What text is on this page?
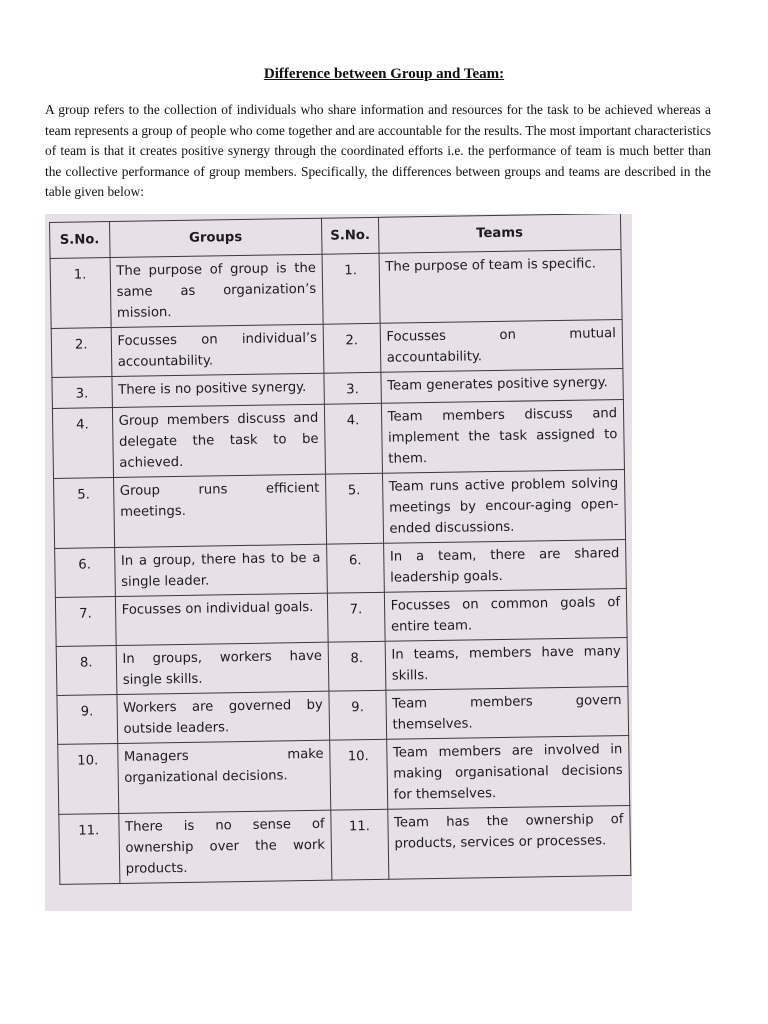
Difference between Group and Team:

A group refers to the collection of individuals who share information and resources for the task to be achieved whereas a team represents a group of people who come together and are accountable for the results. The most important characteristics of team is that it creates positive synergy through the coordinated efforts i.e. the performance of team is much better than the collective performance of group members. Specifically, the differences between groups and teams are described in the table given below:

S.No.	Groups	S.No.	Teams
1.	The purpose of group is the same as organization’s mission.	1.	The purpose of team is specific.
2.	Focusses on individual’s accountability.	2.	Focusses on mutual accountability.
3.	There is no positive synergy.	3.	Team generates positive synergy.
4.	Group members discuss and delegate the task to be achieved.	4.	Team members discuss and implement the task assigned to them.
5.	Group runs efficient meetings.	5.	Team runs active problem solving meetings by encour-aging open-ended discussions.
6.	In a group, there has to be a single leader.	6.	In a team, there are shared leadership goals.
7.	Focusses on individual goals.	7.	Focusses on common goals of entire team.
8.	In groups, workers have single skills.	8.	In teams, members have many skills.
9.	Workers are governed by outside leaders.	9.	Team members govern themselves.
10.	Managers make organizational decisions.	10.	Team members are involved in making organisational decisions for themselves.
11.	There is no sense of ownership over the work products.	11.	Team has the ownership of products, services or processes.
